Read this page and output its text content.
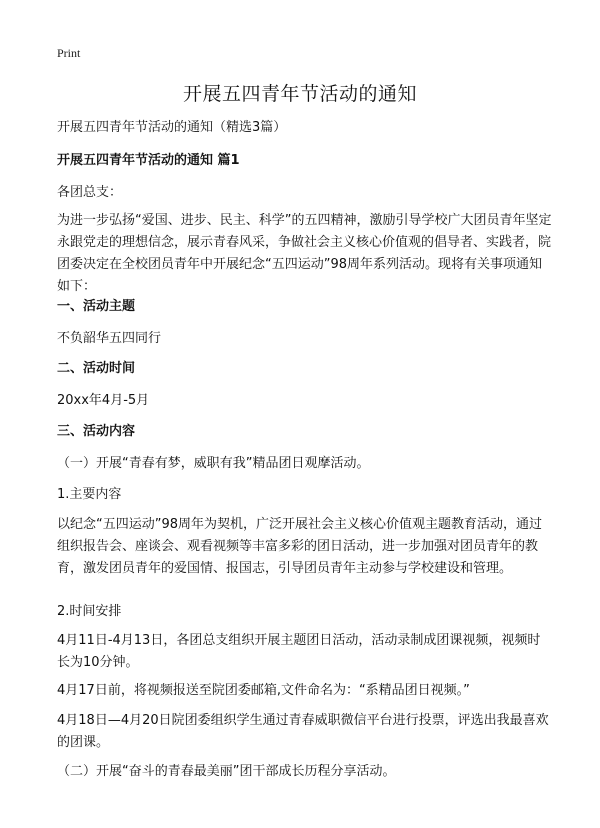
Print
开展五四青年节活动的通知

开展五四青年节活动的通知（精选3篇）

开展五四青年节活动的通知 篇1

各团总支：

为进一步弘扬“爱国、进步、民主、科学”的五四精神，激励引导学校广大团员青年坚定永跟党走的理想信念，展示青春风采，争做社会主义核心价值观的倡导者、实践者，院团委决定在全校团员青年中开展纪念“五四运动”98周年系列活动。现将有关事项通知如下：

一、活动主题

不负韶华五四同行

二、活动时间

20xx年4月-5月

三、活动内容

（一）开展“青春有梦，威职有我”精品团日观摩活动。

1.主要内容

以纪念“五四运动”98周年为契机，广泛开展社会主义核心价值观主题教育活动，通过组织报告会、座谈会、观看视频等丰富多彩的团日活动，进一步加强对团员青年的教育，激发团员青年的爱国情、报国志，引导团员青年主动参与学校建设和管理。

2.时间安排

4月11日-4月13日，各团总支组织开展主题团日活动，活动录制成团课视频，视频时长为10分钟。

4月17日前，将视频报送至院团委邮箱,文件命名为：“系精品团日视频。”

4月18日—4月20日院团委组织学生通过青春威职微信平台进行投票，评选出我最喜欢的团课。

（二）开展“奋斗的青春最美丽”团干部成长历程分享活动。
